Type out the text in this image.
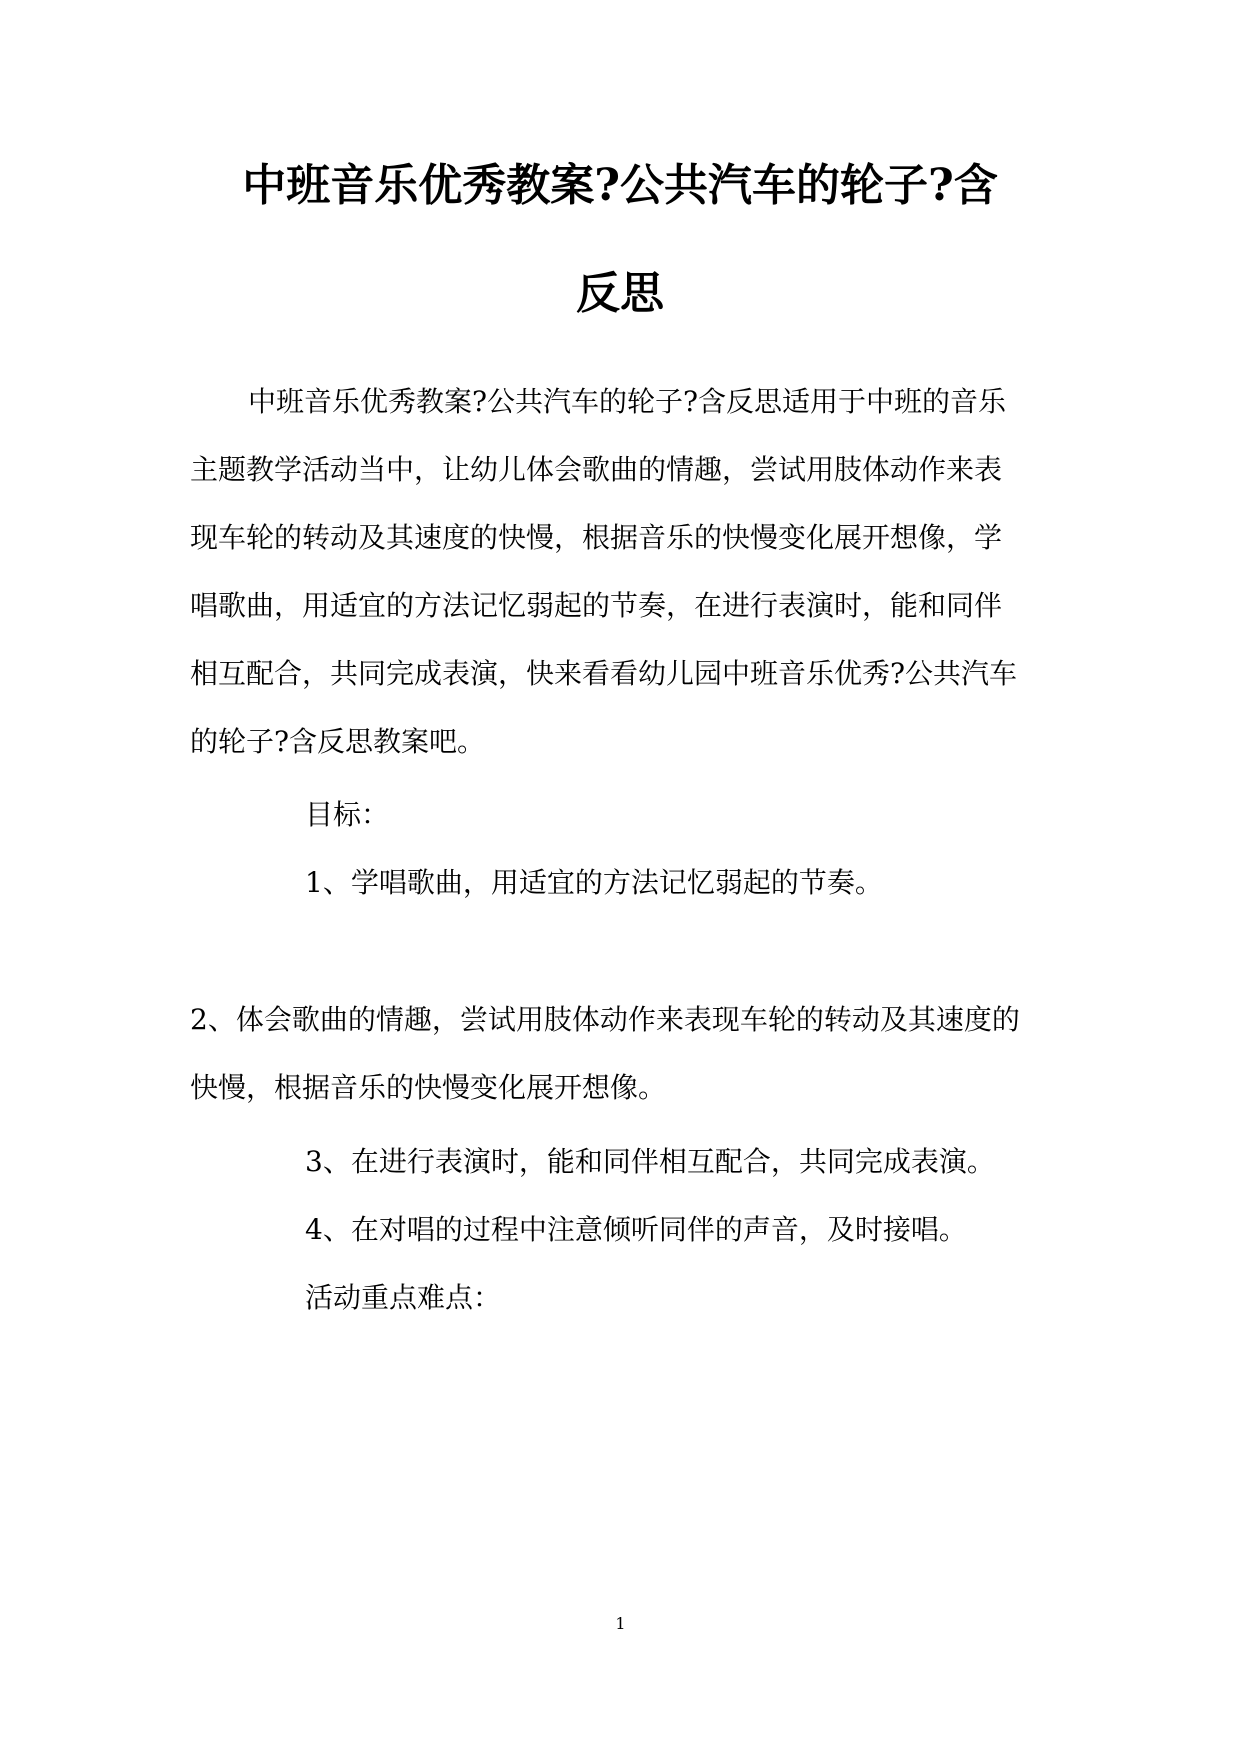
中班音乐优秀教案?公共汽车的轮子?含
反思
中班音乐优秀教案?公共汽车的轮子?含反思适用于中班的音乐
主题教学活动当中，让幼儿体会歌曲的情趣，尝试用肢体动作来表
现车轮的转动及其速度的快慢，根据音乐的快慢变化展开想像，学
唱歌曲，用适宜的方法记忆弱起的节奏，在进行表演时，能和同伴
相互配合，共同完成表演，快来看看幼儿园中班音乐优秀?公共汽车
的轮子?含反思教案吧。
目标：
1、学唱歌曲，用适宜的方法记忆弱起的节奏。
2、体会歌曲的情趣，尝试用肢体动作来表现车轮的转动及其速度的
快慢，根据音乐的快慢变化展开想像。
3、在进行表演时，能和同伴相互配合，共同完成表演。
4、在对唱的过程中注意倾听同伴的声音，及时接唱。
活动重点难点：
1
